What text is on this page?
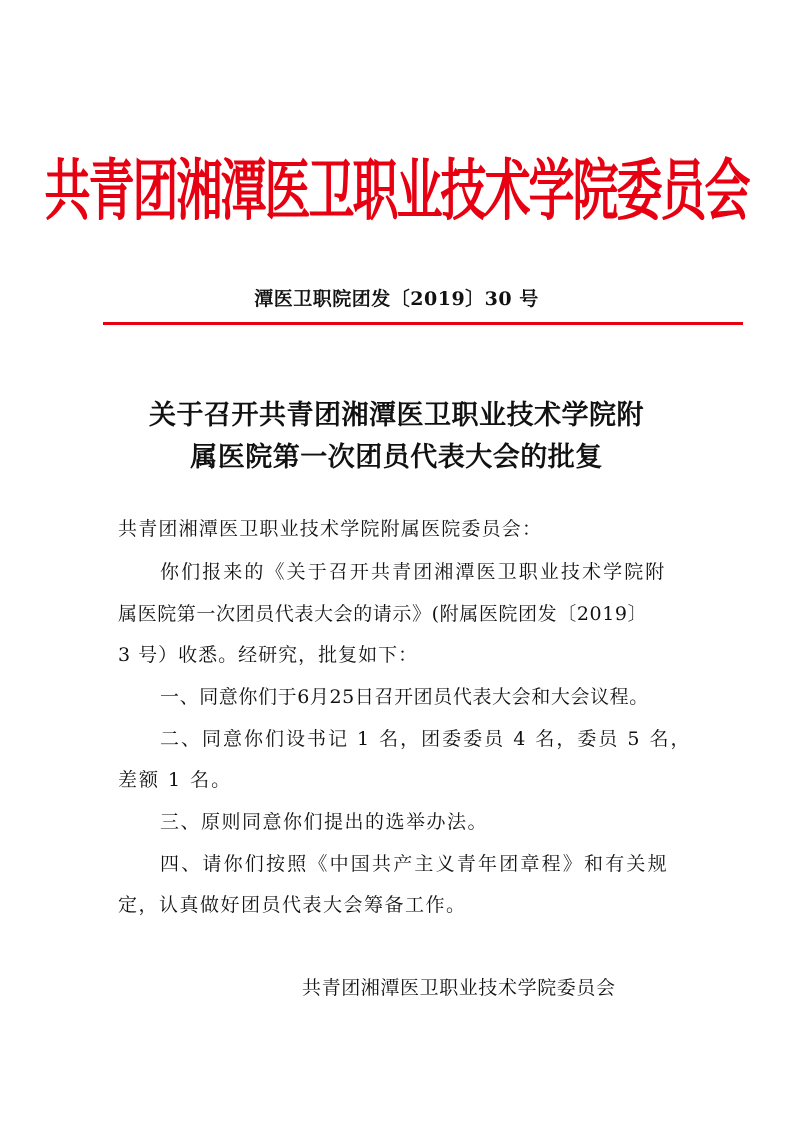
共青团湘潭医卫职业技术学院委员会
潭医卫职院团发〔2019〕30 号
关于召开共青团湘潭医卫职业技术学院附
属医院第一次团员代表大会的批复
共青团湘潭医卫职业技术学院附属医院委员会：
你们报来的《关于召开共青团湘潭医卫职业技术学院附
属医院第一次团员代表大会的请示》(附属医院团发〔2019〕
3 号）收悉。经研究，批复如下：
一、同意你们于6月25日召开团员代表大会和大会议程。
二、同意你们设书记 1 名，团委委员 4 名，委员 5 名，
差额 1 名。
三、原则同意你们提出的选举办法。
四、请你们按照《中国共产主义青年团章程》和有关规
定，认真做好团员代表大会筹备工作。
共青团湘潭医卫职业技术学院委员会
